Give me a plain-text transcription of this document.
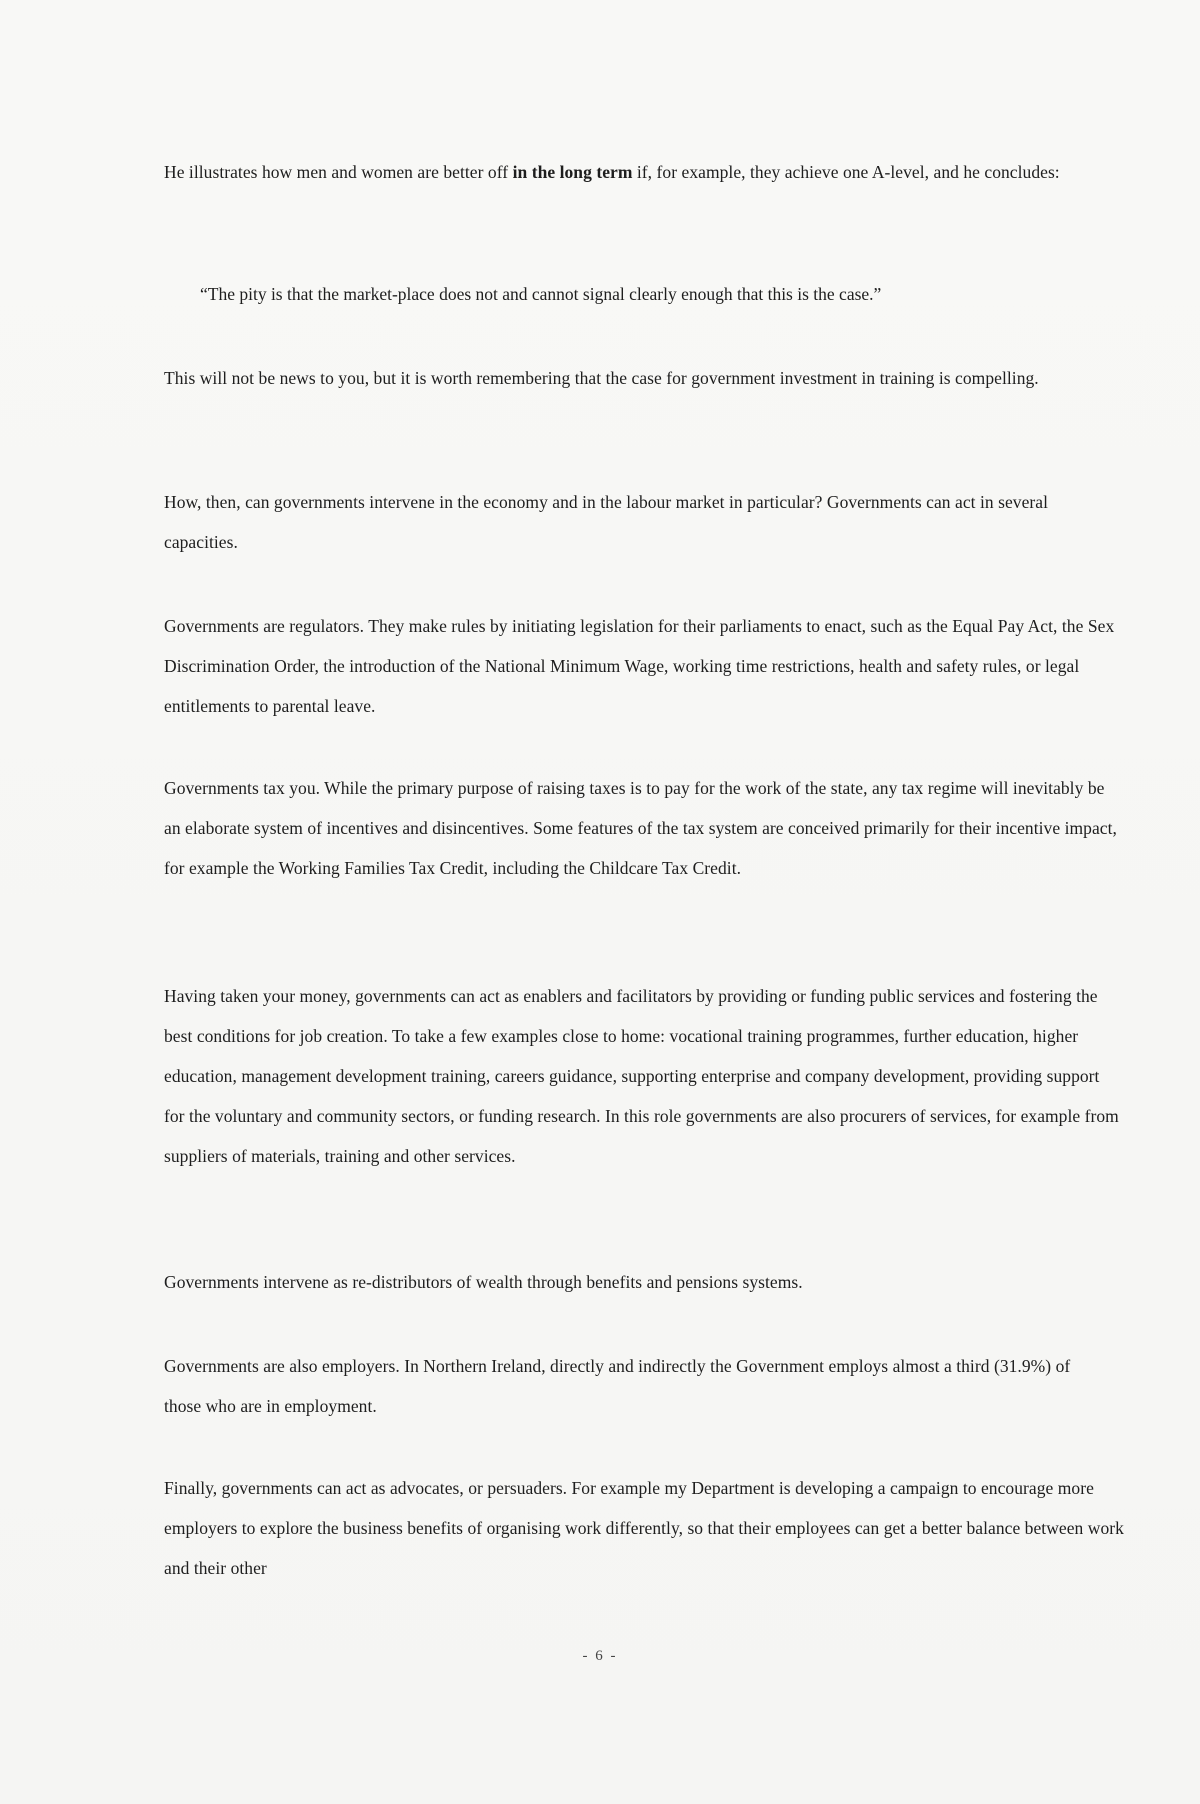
He illustrates how men and women are better off in the long term if, for example, they achieve one A-level, and he concludes:

“The pity is that the market-place does not and cannot signal clearly enough that this is the case.”

This will not be news to you, but it is worth remembering that the case for government investment in training is compelling.

How, then, can governments intervene in the economy and in the labour market in particular? Governments can act in several capacities.

Governments are regulators. They make rules by initiating legislation for their parliaments to enact, such as the Equal Pay Act, the Sex Discrimination Order, the introduction of the National Minimum Wage, working time restrictions, health and safety rules, or legal entitlements to parental leave.

Governments tax you. While the primary purpose of raising taxes is to pay for the work of the state, any tax regime will inevitably be an elaborate system of incentives and disincentives. Some features of the tax system are conceived primarily for their incentive impact, for example the Working Families Tax Credit, including the Childcare Tax Credit.

Having taken your money, governments can act as enablers and facilitators by providing or funding public services and fostering the best conditions for job creation. To take a few examples close to home: vocational training programmes, further education, higher education, management development training, careers guidance, supporting enterprise and company development, providing support for the voluntary and community sectors, or funding research. In this role governments are also procurers of services, for example from suppliers of materials, training and other services.

Governments intervene as re-distributors of wealth through benefits and pensions systems.

Governments are also employers. In Northern Ireland, directly and indirectly the Government employs almost a third (31.9%) of those who are in employment.

Finally, governments can act as advocates, or persuaders. For example my Department is developing a campaign to encourage more employers to explore the business benefits of organising work differently, so that their employees can get a better balance between work and their other

- 6 -
